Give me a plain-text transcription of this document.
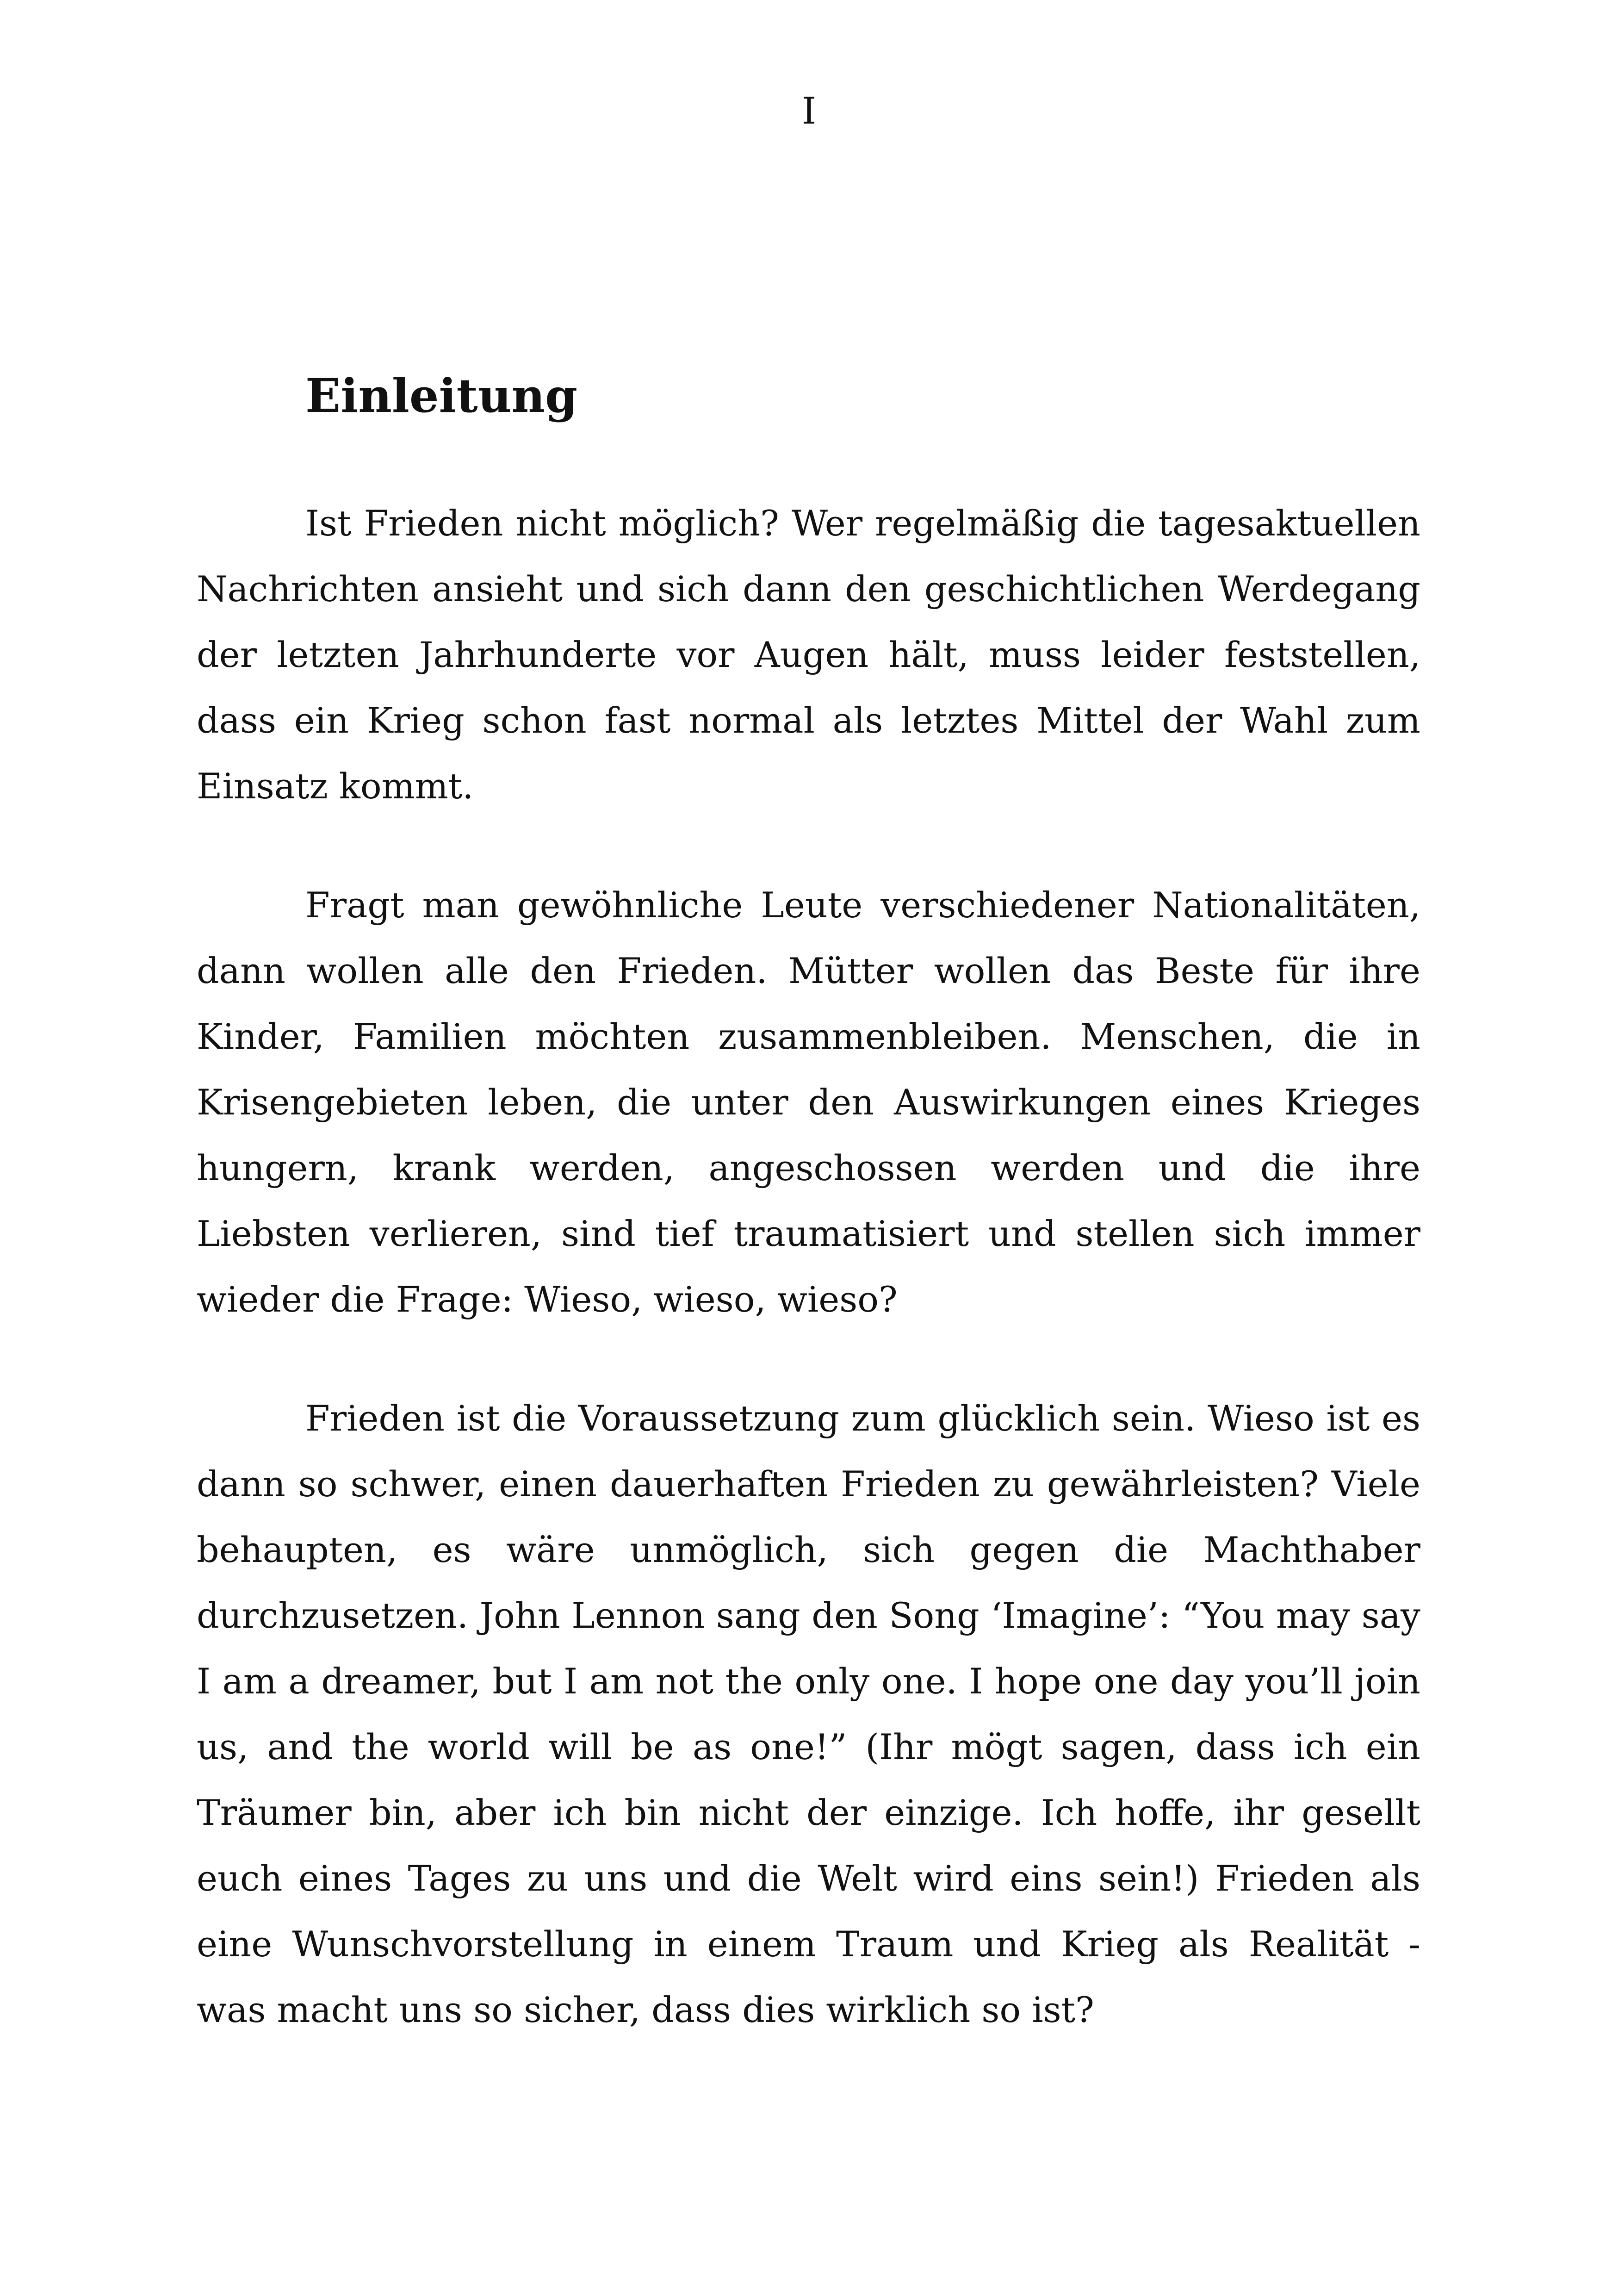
I
Einleitung

Ist Frieden nicht möglich? Wer regelmäßig die tagesaktuellen Nachrichten ansieht und sich dann den geschichtlichen Werdegang der letzten Jahrhunderte vor Augen hält, muss leider feststellen, dass ein Krieg schon fast normal als letztes Mittel der Wahl zum Einsatz kommt.

Fragt man gewöhnliche Leute verschiedener Nationalitäten, dann wollen alle den Frieden. Mütter wollen das Beste für ihre Kinder, Familien möchten zusammenbleiben. Menschen, die in Krisengebieten leben, die unter den Auswirkungen eines Krieges hungern, krank werden, angeschossen werden und die ihre Liebsten verlieren, sind tief traumatisiert und stellen sich immer wieder die Frage: Wieso, wieso, wieso?

Frieden ist die Voraussetzung zum glücklich sein. Wieso ist es dann so schwer, einen dauerhaften Frieden zu gewährleisten? Viele behaupten, es wäre unmöglich, sich gegen die Machthaber durchzusetzen. John Lennon sang den Song ‘Imagine’: “You may say I am a dreamer, but I am not the only one. I hope one day you’ll join us, and the world will be as one!” (Ihr mögt sagen, dass ich ein Träumer bin, aber ich bin nicht der einzige. Ich hoffe, ihr gesellt euch eines Tages zu uns und die Welt wird eins sein!) Frieden als eine Wunschvorstellung in einem Traum und Krieg als Realität - was macht uns so sicher, dass dies wirklich so ist?
